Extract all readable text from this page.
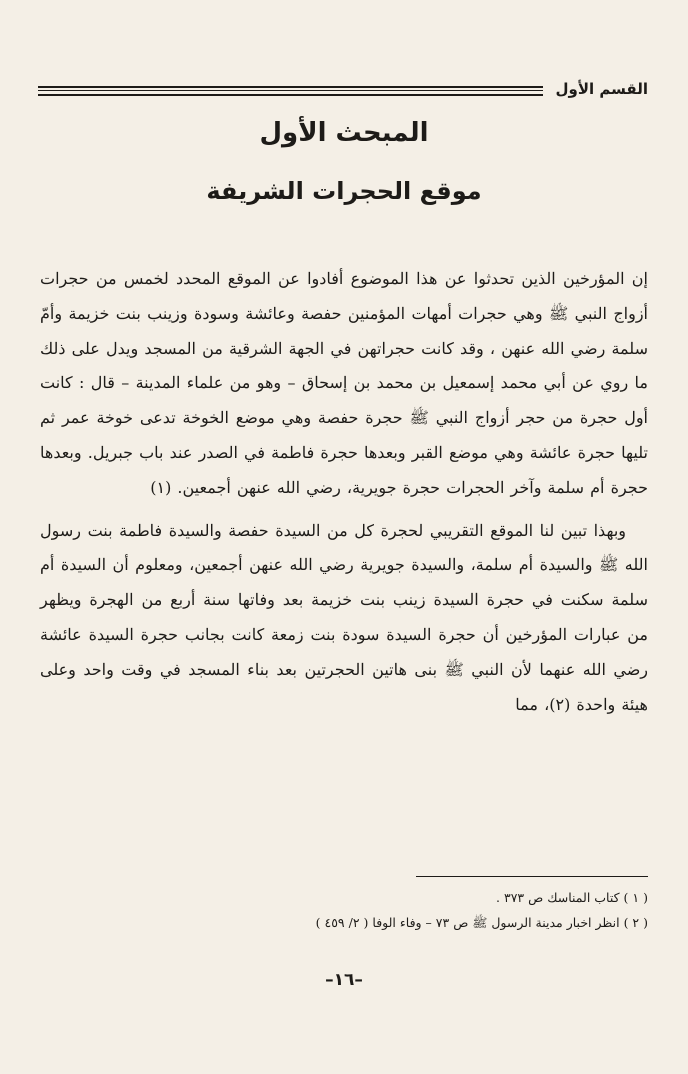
القسم الأول
المبحث الأول
موقع الحجرات الشريفة

إن المؤرخين الذين تحدثوا عن هذا الموضوع أفادوا عن الموقع المحدد لخمس من حجرات أزواج النبي ﷺ وهي حجرات أمهات المؤمنين حفصة وعائشة وسودة وزينب بنت خزيمة وأمّ سلمة رضي الله عنهن ، وقد كانت حجراتهن في الجهة الشرقية من المسجد ويدل على ذلك ما روي عن أبي محمد إسمعيل بن محمد بن إسحاق – وهو من علماء المدينة – قال : كانت أول حجرة من حجر أزواج النبي ﷺ حجرة حفصة وهي موضع الخوخة تدعى خوخة عمر ثم تليها حجرة عائشة وهي موضع القبر وبعدها حجرة فاطمة في الصدر عند باب جبريل. وبعدها حجرة أم سلمة وآخر الحجرات حجرة جويرية، رضي الله عنهن أجمعين. (١)

وبهذا تبين لنا الموقع التقريبي لحجرة كل من السيدة حفصة والسيدة فاطمة بنت رسول الله ﷺ والسيدة أم سلمة، والسيدة جويرية رضي الله عنهن أجمعين، ومعلوم أن السيدة أم سلمة سكنت في حجرة السيدة زينب بنت خزيمة بعد وفاتها سنة أربع من الهجرة ويظهر من عبارات المؤرخين أن حجرة السيدة سودة بنت زمعة كانت بجانب حجرة السيدة عائشة رضي الله عنهما لأن النبي ﷺ بنى هاتين الحجرتين بعد بناء المسجد في وقت واحد وعلى هيئة واحدة (٢)، مما

( ١ ) كتاب المناسك ص ٣٧٣ .
( ٢ ) انظر اخبار مدينة الرسول ﷺ ص ٧٣ – وفاء الوفا ( ٢/ ٤٥٩ )
–١٦–
